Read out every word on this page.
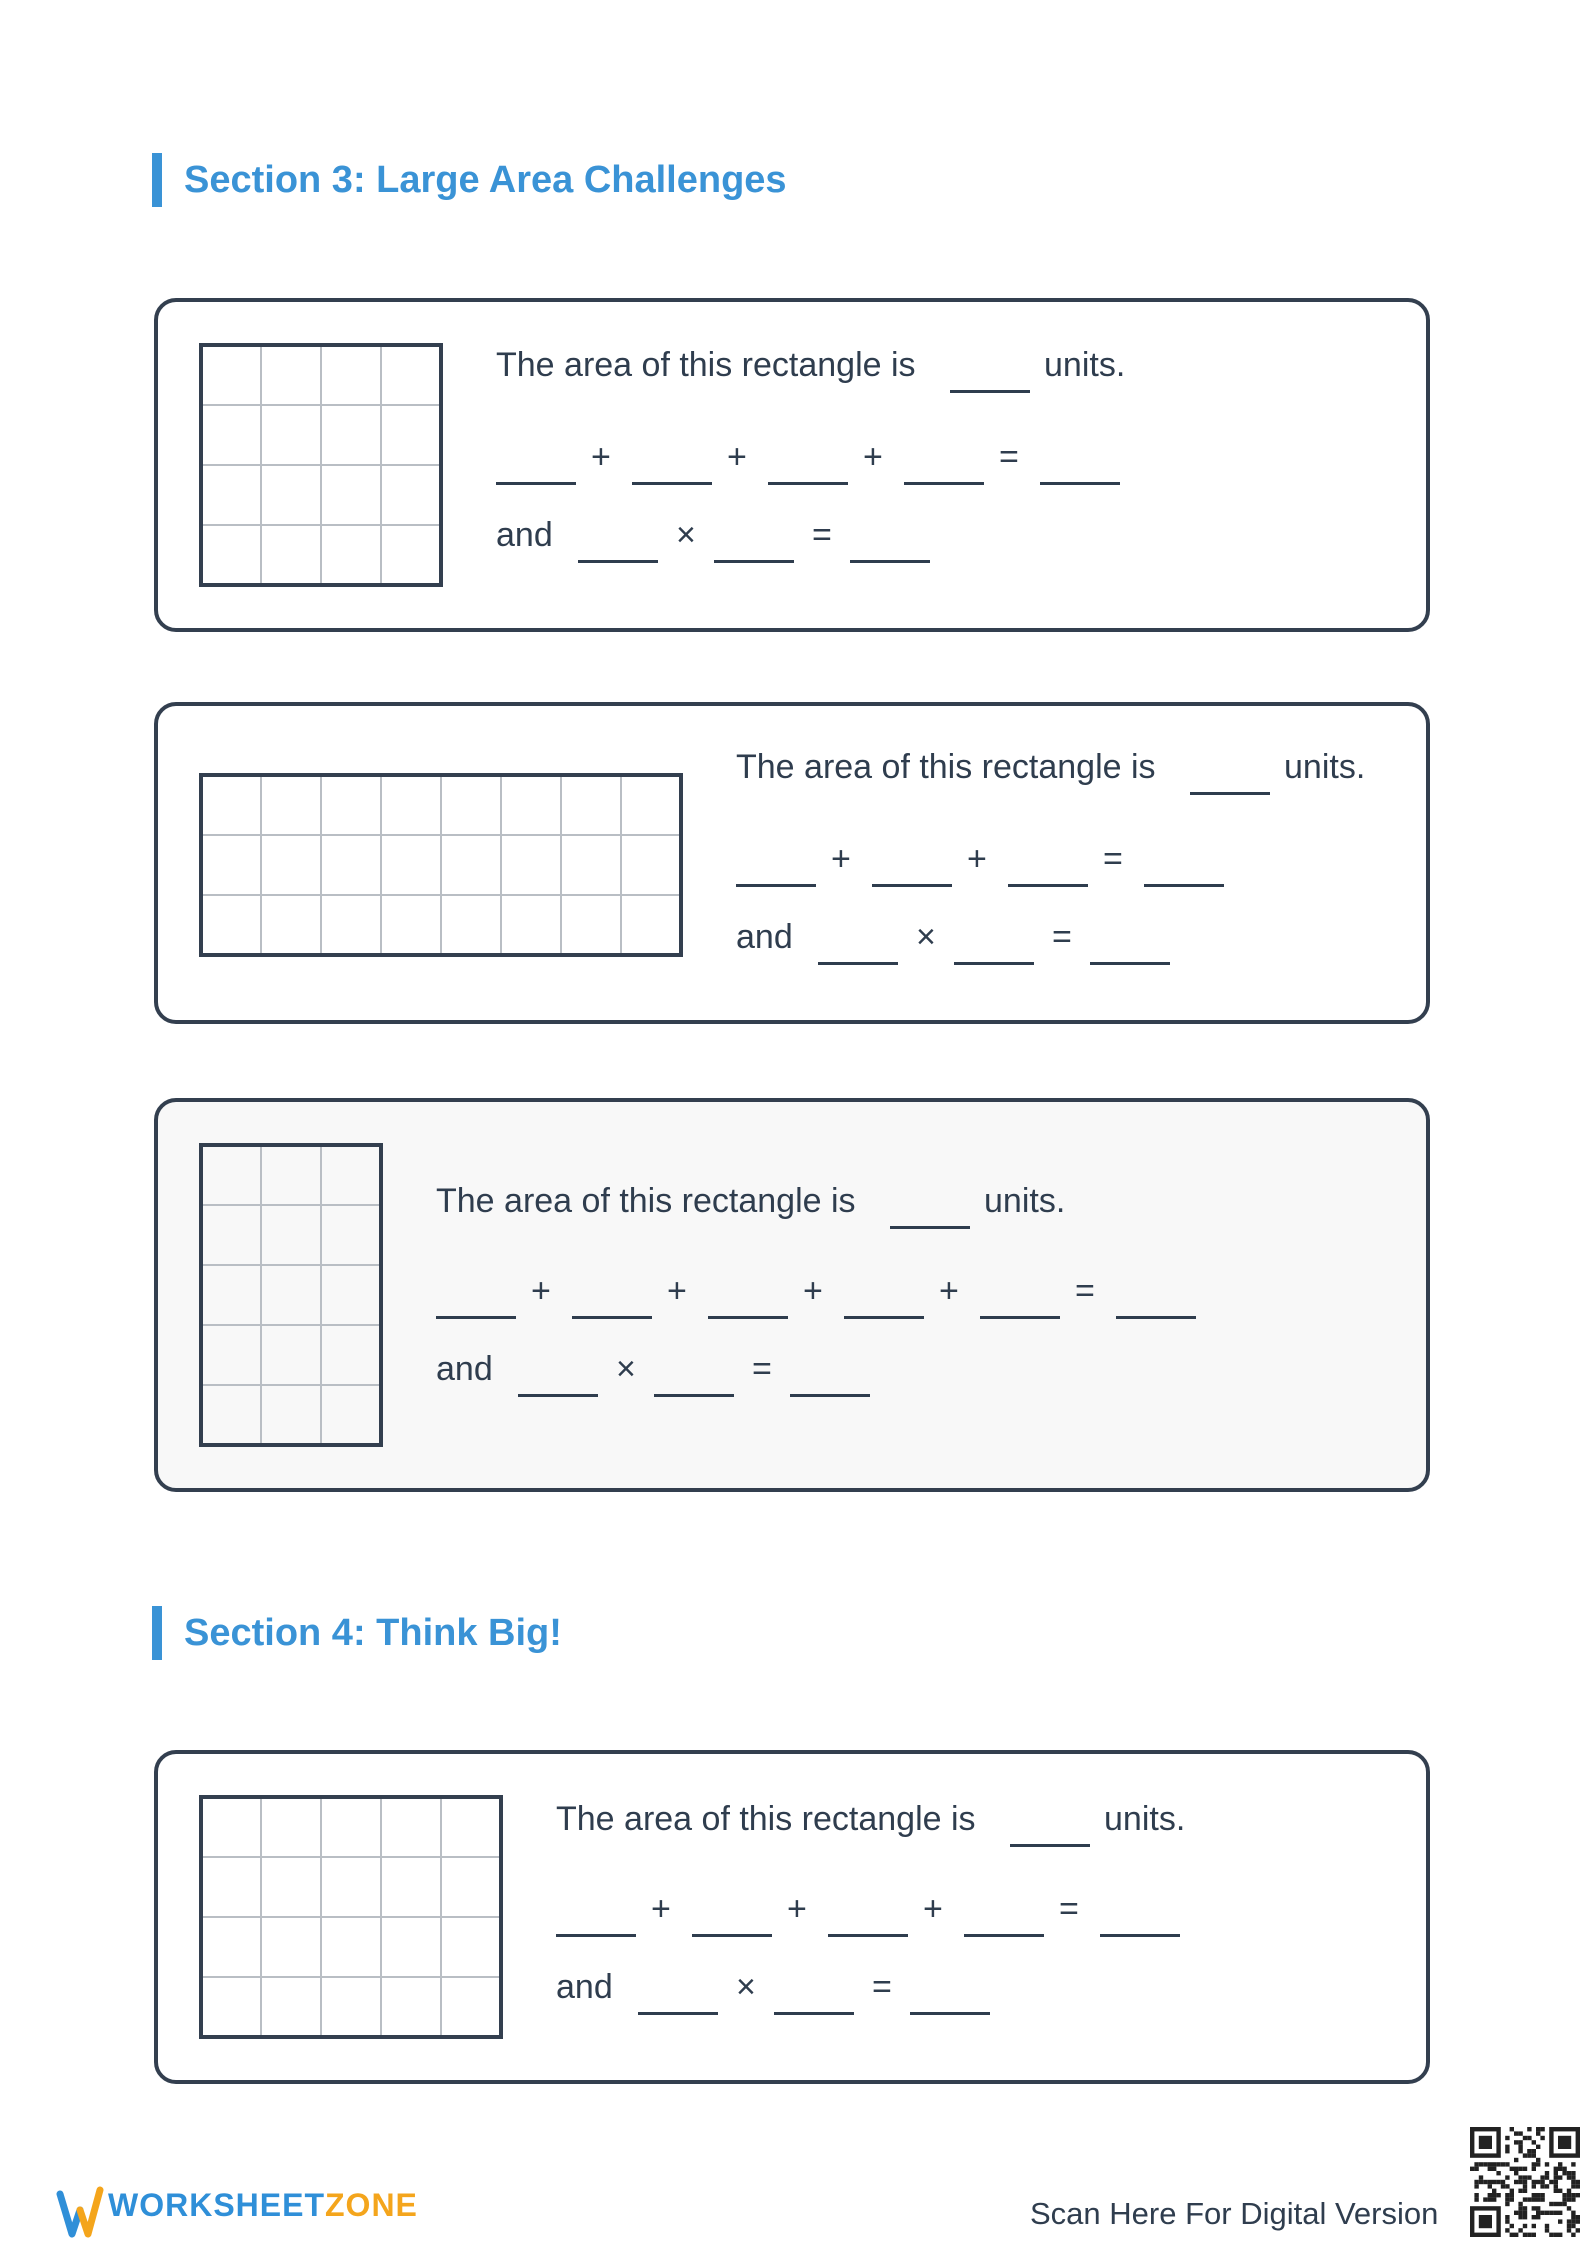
Section 3: Large Area Challenges
The area of this rectangle is	units.
+	+	+	=
and	×	=
The area of this rectangle is	units.
+	+	=
and	×	=
The area of this rectangle is	units.
+	+	+	+	=
and	×	=
Section 4: Think Big!
The area of this rectangle is	units.
+	+	+	=
and	×	=
WORKSHEETZONE	Scan Here For Digital Version
